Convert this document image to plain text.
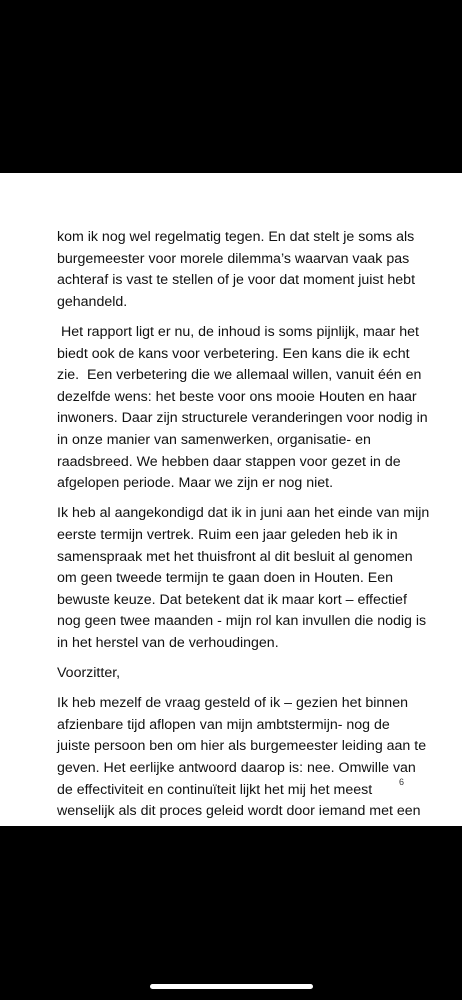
kom ik nog wel regelmatig tegen. En dat stelt je soms als
burgemeester voor morele dilemma’s waarvan vaak pas
achteraf is vast te stellen of je voor dat moment juist hebt
gehandeld.

Het rapport ligt er nu, de inhoud is soms pijnlijk, maar het
biedt ook de kans voor verbetering. Een kans die ik echt
zie.  Een verbetering die we allemaal willen, vanuit één en
dezelfde wens: het beste voor ons mooie Houten en haar
inwoners. Daar zijn structurele veranderingen voor nodig in
in onze manier van samenwerken, organisatie- en
raadsbreed. We hebben daar stappen voor gezet in de
afgelopen periode. Maar we zijn er nog niet.

Ik heb al aangekondigd dat ik in juni aan het einde van mijn
eerste termijn vertrek. Ruim een jaar geleden heb ik in
samenspraak met het thuisfront al dit besluit al genomen
om geen tweede termijn te gaan doen in Houten. Een
bewuste keuze. Dat betekent dat ik maar kort – effectief
nog geen twee maanden - mijn rol kan invullen die nodig is
in het herstel van de verhoudingen.

Voorzitter,

Ik heb mezelf de vraag gesteld of ik – gezien het binnen
afzienbare tijd aflopen van mijn ambtstermijn- nog de
juiste persoon ben om hier als burgemeester leiding aan te
geven. Het eerlijke antwoord daarop is: nee. Omwille van
de effectiviteit en continuïteit lijkt het mij het meest
wenselijk als dit proces geleid wordt door iemand met een

6
